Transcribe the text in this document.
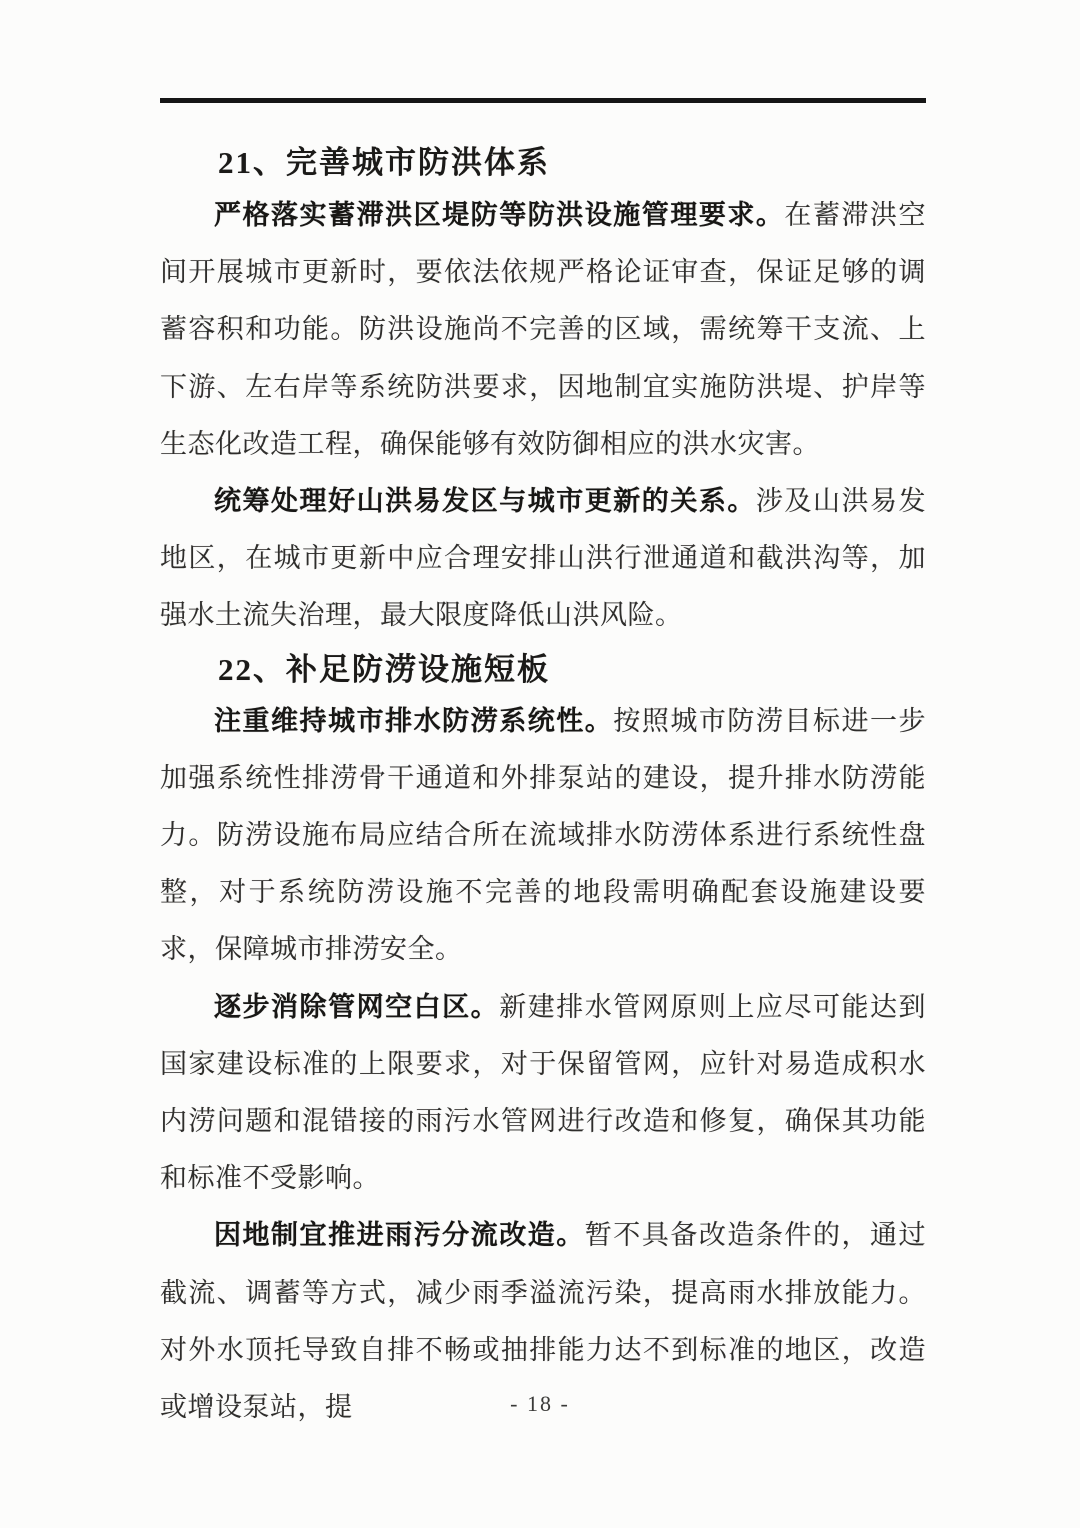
21、完善城市防洪体系

严格落实蓄滞洪区堤防等防洪设施管理要求。在蓄滞洪空间开展城市更新时，要依法依规严格论证审查，保证足够的调蓄容积和功能。防洪设施尚不完善的区域，需统筹干支流、上下游、左右岸等系统防洪要求，因地制宜实施防洪堤、护岸等生态化改造工程，确保能够有效防御相应的洪水灾害。

统筹处理好山洪易发区与城市更新的关系。涉及山洪易发地区，在城市更新中应合理安排山洪行泄通道和截洪沟等，加强水土流失治理，最大限度降低山洪风险。

22、补足防涝设施短板

注重维持城市排水防涝系统性。按照城市防涝目标进一步加强系统性排涝骨干通道和外排泵站的建设，提升排水防涝能力。防涝设施布局应结合所在流域排水防涝体系进行系统性盘整，对于系统防涝设施不完善的地段需明确配套设施建设要求，保障城市排涝安全。

逐步消除管网空白区。新建排水管网原则上应尽可能达到国家建设标准的上限要求，对于保留管网，应针对易造成积水内涝问题和混错接的雨污水管网进行改造和修复，确保其功能和标准不受影响。

因地制宜推进雨污分流改造。暂不具备改造条件的，通过截流、调蓄等方式，减少雨季溢流污染，提高雨水排放能力。对外水顶托导致自排不畅或抽排能力达不到标准的地区，改造或增设泵站，提	- 18 -
